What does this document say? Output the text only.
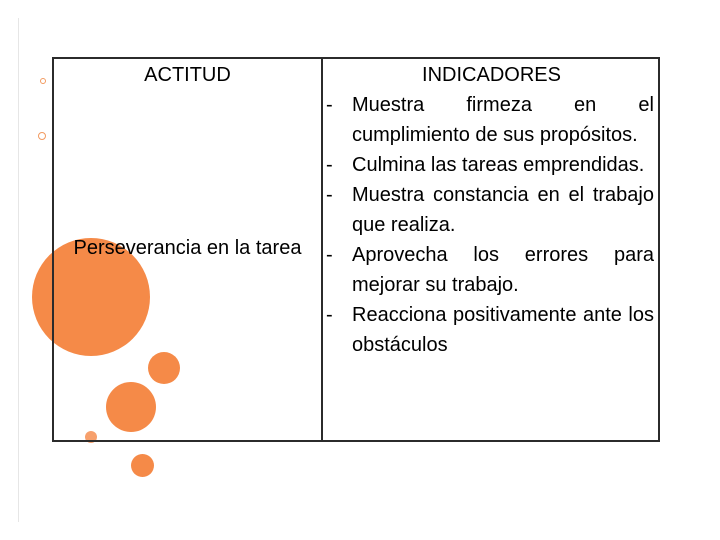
ACTITUD	INDICADORES
Perseverancia en la tarea
- Muestra firmeza en el cumplimiento de sus propósitos.
- Culmina las tareas emprendidas.
- Muestra constancia en el trabajo que realiza.
- Aprovecha los errores para mejorar su trabajo.
- Reacciona positivamente ante los obstáculos
